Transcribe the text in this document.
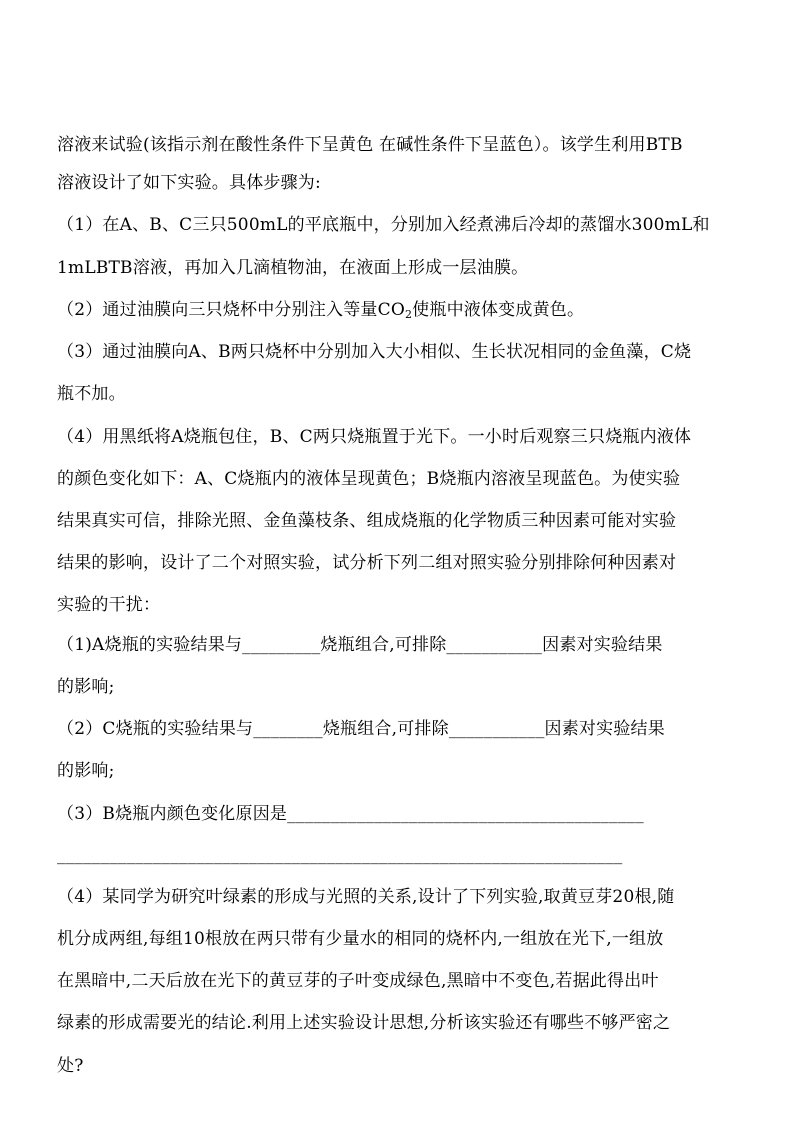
溶液来试验(该指示剂在酸性条件下呈黄色 在碱性条件下呈蓝色）。该学生利用BTB
溶液设计了如下实验。具体步骤为:
（1）在A、B、C三只500mL的平底瓶中，分别加入经煮沸后冷却的蒸馏水300mL和
1mLBTB溶液，再加入几滴植物油，在液面上形成一层油膜。
（2）通过油膜向三只烧杯中分别注入等量$CO_2$使瓶中液体变成黄色。
（3）通过油膜向A、B两只烧杯中分别加入大小相似、生长状况相同的金鱼藻，C烧
瓶不加。
（4）用黑纸将A烧瓶包住，B、C两只烧瓶置于光下。一小时后观察三只烧瓶内液体
的颜色变化如下：A、C烧瓶内的液体呈现黄色；B烧瓶内溶液呈现蓝色。为使实验
结果真实可信，排除光照、金鱼藻枝条、组成烧瓶的化学物质三种因素可能对实验
结果的影响，设计了二个对照实验，试分析下列二组对照实验分别排除何种因素对
实验的干扰：
（1)A烧瓶的实验结果与_________烧瓶组合,可排除___________因素对实验结果
的影响;
（2）C烧瓶的实验结果与________烧瓶组合,可排除___________因素对实验结果
的影响;
（3）B烧瓶内颜色变化原因是_________________________________________
_________________________________________________________________
（4）某同学为研究叶绿素的形成与光照的关系,设计了下列实验,取黄豆芽20根,随
机分成两组,每组10根放在两只带有少量水的相同的烧杯内,一组放在光下,一组放
在黑暗中,二天后放在光下的黄豆芽的子叶变成绿色,黑暗中不变色,若据此得出叶
绿素的形成需要光的结论.利用上述实验设计思想,分析该实验还有哪些不够严密之
处?
